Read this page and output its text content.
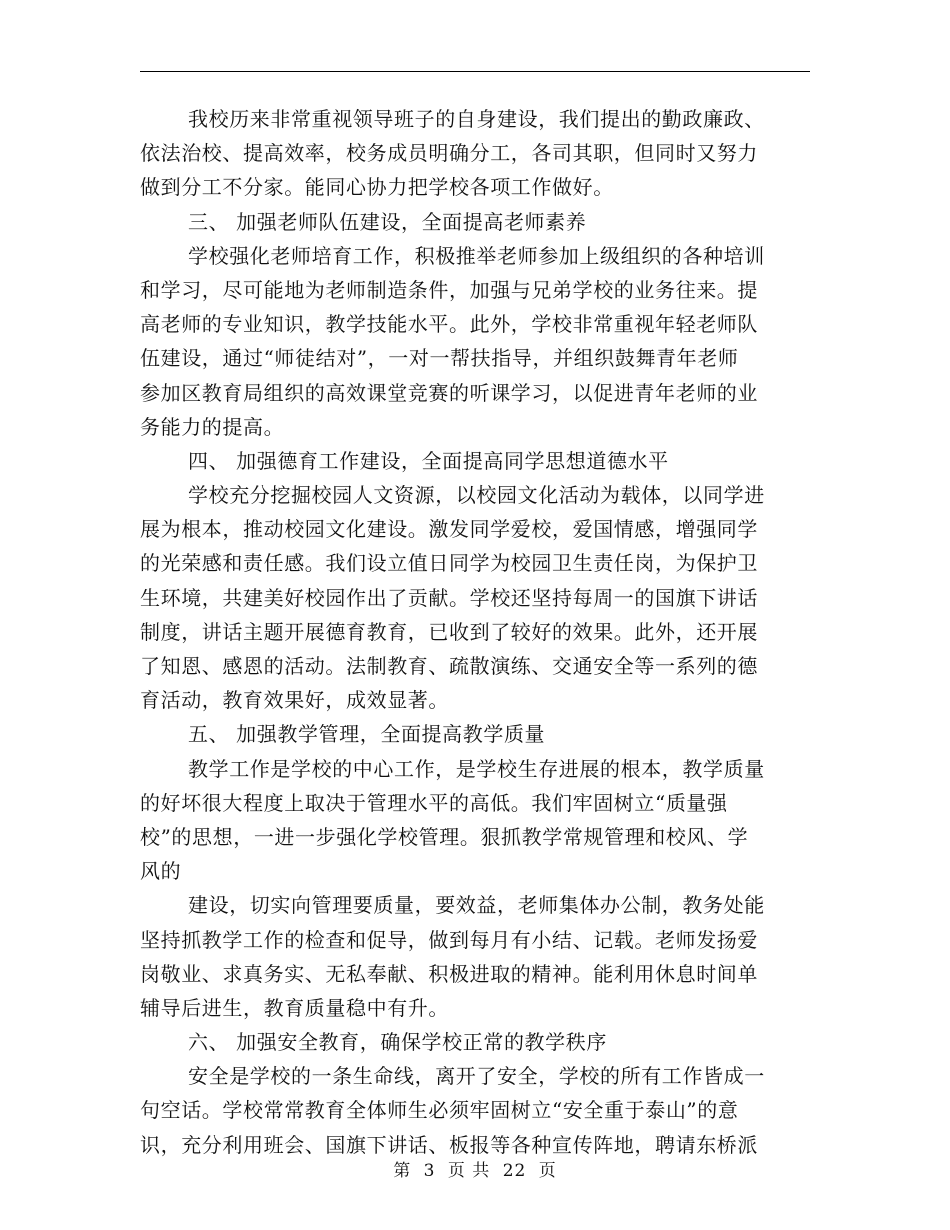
我校历来非常重视领导班子的自身建设，我们提出的勤政廉政、
依法治校、提高效率，校务成员明确分工，各司其职，但同时又努力
做到分工不分家。能同心协力把学校各项工作做好。
三、 加强老师队伍建设，全面提高老师素养
学校强化老师培育工作，积极推举老师参加上级组织的各种培训
和学习，尽可能地为老师制造条件，加强与兄弟学校的业务往来。提
高老师的专业知识，教学技能水平。此外，学校非常重视年轻老师队
伍建设，通过“师徒结对”，一对一帮扶指导，并组织鼓舞青年老师
参加区教育局组织的高效课堂竞赛的听课学习，以促进青年老师的业
务能力的提高。
四、 加强德育工作建设，全面提高同学思想道德水平
学校充分挖掘校园人文资源，以校园文化活动为载体，以同学进
展为根本，推动校园文化建设。激发同学爱校，爱国情感，增强同学
的光荣感和责任感。我们设立值日同学为校园卫生责任岗，为保护卫
生环境，共建美好校园作出了贡献。学校还坚持每周一的国旗下讲话
制度，讲话主题开展德育教育，已收到了较好的效果。此外，还开展
了知恩、感恩的活动。法制教育、疏散演练、交通安全等一系列的德
育活动，教育效果好，成效显著。
五、 加强教学管理，全面提高教学质量
教学工作是学校的中心工作，是学校生存进展的根本，教学质量
的好坏很大程度上取决于管理水平的高低。我们牢固树立“质量强
校”的思想，一进一步强化学校管理。狠抓教学常规管理和校风、学
风的
建设，切实向管理要质量，要效益，老师集体办公制，教务处能
坚持抓教学工作的检查和促导，做到每月有小结、记载。老师发扬爱
岗敬业、求真务实、无私奉献、积极进取的精神。能利用休息时间单
辅导后进生，教育质量稳中有升。
六、 加强安全教育，确保学校正常的教学秩序
安全是学校的一条生命线，离开了安全，学校的所有工作皆成一
句空话。学校常常教育全体师生必须牢固树立“安全重于泰山”的意
识，充分利用班会、国旗下讲话、板报等各种宣传阵地，聘请东桥派
第 3 页 共 22 页
